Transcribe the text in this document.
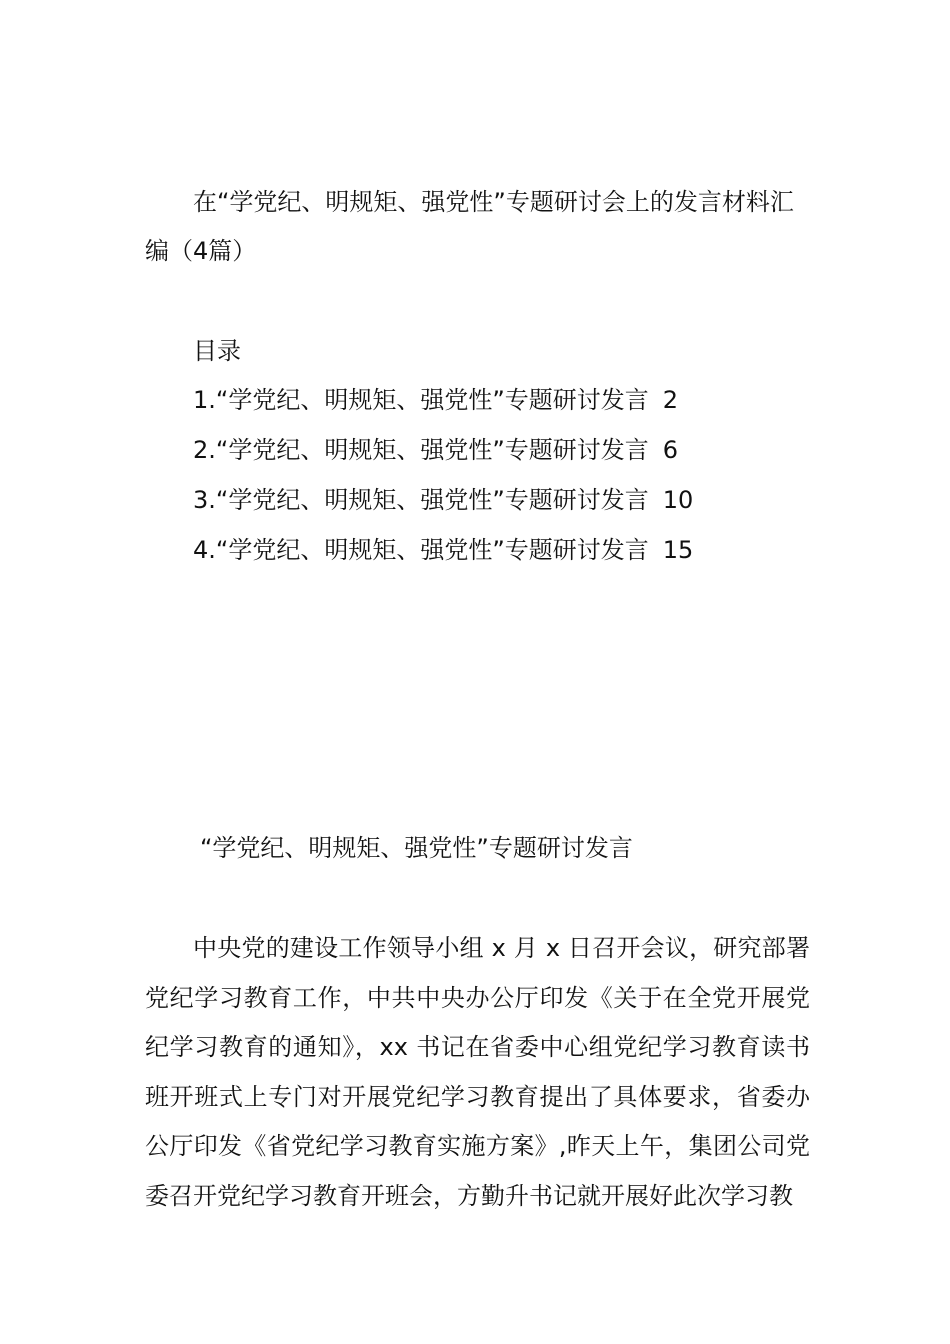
在“学党纪、明规矩、强党性”专题研讨会上的发言材料汇编（4篇）
目录
1.“学党纪、明规矩、强党性”专题研讨发言 2
2.“学党纪、明规矩、强党性”专题研讨发言 6
3.“学党纪、明规矩、强党性”专题研讨发言 10
4.“学党纪、明规矩、强党性”专题研讨发言 15
“学党纪、明规矩、强党性”专题研讨发言

中央党的建设工作领导小组 x 月 x 日召开会议，研究部署党纪学习教育工作，中共中央办公厅印发《关于在全党开展党纪学习教育的通知》，xx 书记在省委中心组党纪学习教育读书班开班式上专门对开展党纪学习教育提出了具体要求，省委办公厅印发《省党纪学习教育实施方案》,昨天上午，集团公司党委召开党纪学习教育开班会，方勤升书记就开展好此次学习教
